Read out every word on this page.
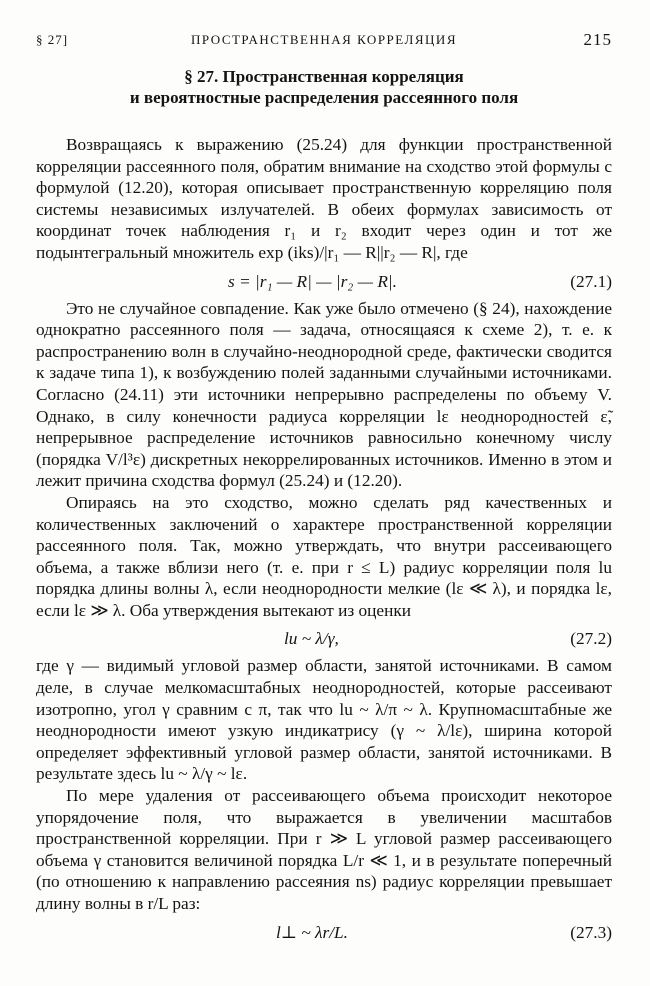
§ 27]	ПРОСТРАНСТВЕННАЯ КОРРЕЛЯЦИЯ	215
§ 27. Пространственная корреляция
и вероятностные распределения рассеянного поля

Возвращаясь к выражению (25.24) для функции пространственной корреляции рассеянного поля, обратим внимание на сходство этой формулы с формулой (12.20), которая описывает пространственную корреляцию поля системы независимых излучателей. В обеих формулах зависимость от координат точек наблюдения r₁ и r₂ входит через один и тот же подынтегральный множитель exp (iks)/|r₁ — R||r₂ — R|, где

s = |r₁ — R| — |r₂ — R|.	(27.1)

Это не случайное совпадение. Как уже было отмечено (§ 24), нахождение однократно рассеянного поля — задача, относящаяся к схеме 2), т. е. к распространению волн в случайно-неоднородной среде, фактически сводится к задаче типа 1), к возбуждению полей заданными случайными источниками. Согласно (24.11) эти источники непрерывно распределены по объему V. Однако, в силу конечности радиуса корреляции lε неоднородностей ε̃, непрерывное распределение источников равносильно конечному числу (порядка V/l³ε) дискретных некоррелированных источников. Именно в этом и лежит причина сходства формул (25.24) и (12.20).

Опираясь на это сходство, можно сделать ряд качественных и количественных заключений о характере пространственной корреляции рассеянного поля. Так, можно утверждать, что внутри рассеивающего объема, а также вблизи него (т. е. при r ≤ L) радиус корреляции поля lu порядка длины волны λ, если неоднородности мелкие (lε ≪ λ), и порядка lε, если lε ≫ λ. Оба утверждения вытекают из оценки

lu ~ λ/γ,	(27.2)

где γ — видимый угловой размер области, занятой источниками. В самом деле, в случае мелкомасштабных неоднородностей, которые рассеивают изотропно, угол γ сравним с π, так что lu ~ λ/π ~ λ. Крупномасштабные же неоднородности имеют узкую индикатрису (γ ~ λ/lε), ширина которой определяет эффективный угловой размер области, занятой источниками. В результате здесь lu ~ λ/γ ~ lε.

По мере удаления от рассеивающего объема происходит некоторое упорядочение поля, что выражается в увеличении масштабов пространственной корреляции. При r ≫ L угловой размер рассеивающего объема γ становится величиной порядка L/r ≪ 1, и в результате поперечный (по отношению к направлению рассеяния ns) радиус корреляции превышает длину волны в r/L раз:

l⊥ ~ λr/L.	(27.3)
